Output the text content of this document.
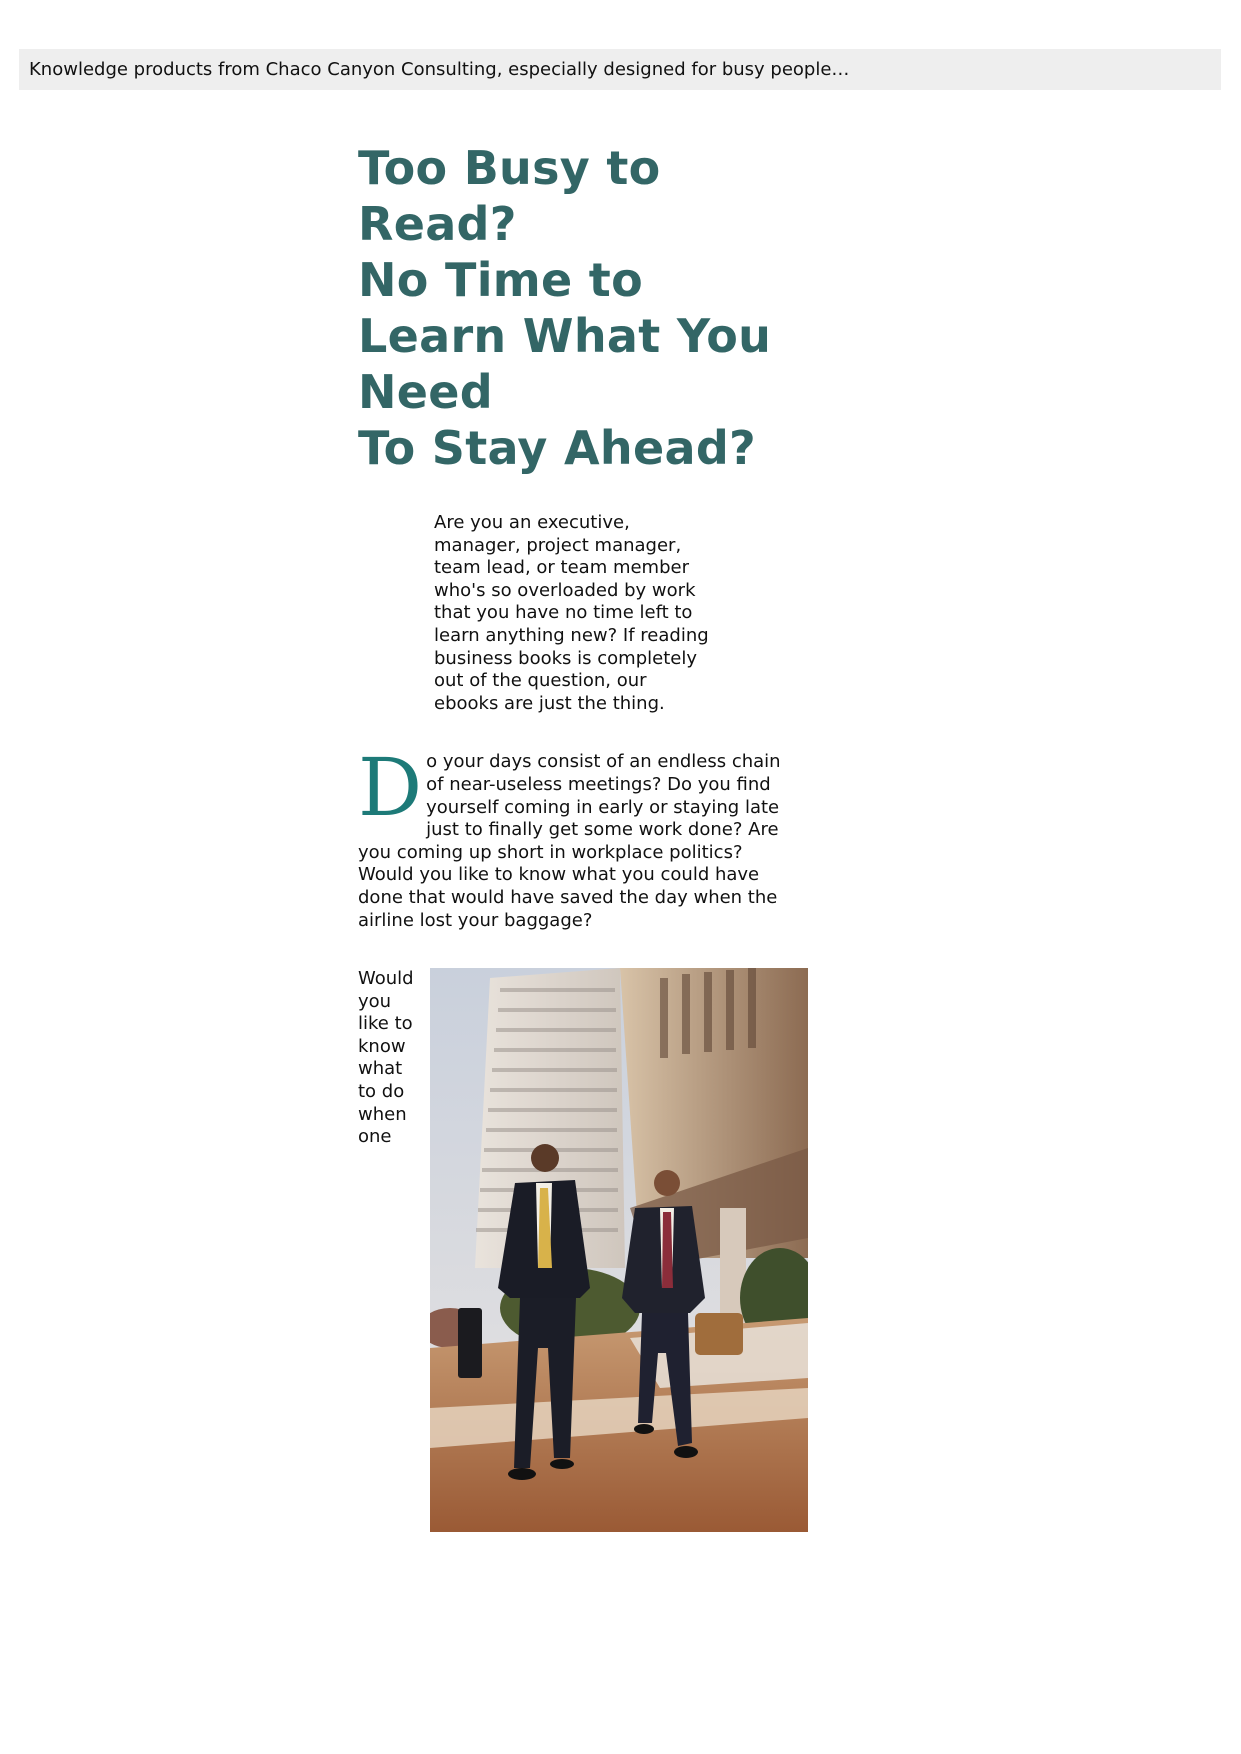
Knowledge products from Chaco Canyon Consulting, especially designed for busy people…
Too Busy to
Read?
No Time to
Learn What You
Need
To Stay Ahead?

Are you an executive,
manager, project manager,
team lead, or team member
who's so overloaded by work
that you have no time left to
learn anything new? If reading
business books is completely
out of the question, our
ebooks are just the thing.

Do your days consist of an endless chain of near-useless meetings? Do you find yourself coming in early or staying late just to finally get some work done? Are you coming up short in workplace politics? Would you like to know what you could have done that would have saved the day when the airline lost your baggage?

Would you like to know what to do when one
